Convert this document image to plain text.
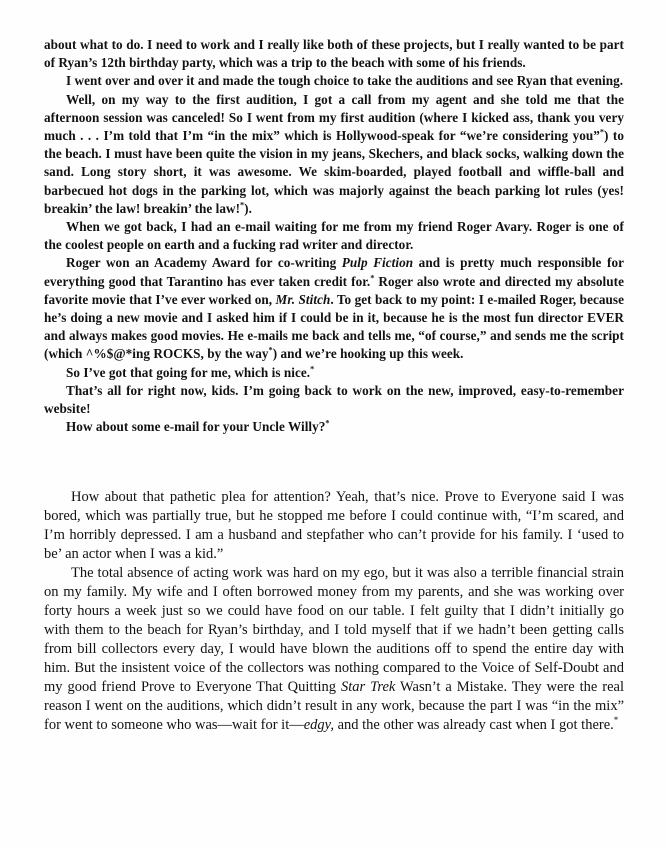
about what to do. I need to work and I really like both of these projects, but I really wanted to be part of Ryan’s 12th birthday party, which was a trip to the beach with some of his friends.

I went over and over it and made the tough choice to take the auditions and see Ryan that evening.

Well, on my way to the first audition, I got a call from my agent and she told me that the afternoon session was canceled! So I went from my first audition (where I kicked ass, thank you very much . . . I’m told that I’m “in the mix” which is Hollywood-speak for “we’re considering you”*) to the beach. I must have been quite the vision in my jeans, Skechers, and black socks, walking down the sand. Long story short, it was awesome. We skim-boarded, played football and wiffle-ball and barbecued hot dogs in the parking lot, which was majorly against the beach parking lot rules (yes! breakin’ the law! breakin’ the law!*).

When we got back, I had an e-mail waiting for me from my friend Roger Avary. Roger is one of the coolest people on earth and a fucking rad writer and director.

Roger won an Academy Award for co-writing Pulp Fiction and is pretty much responsible for everything good that Tarantino has ever taken credit for.* Roger also wrote and directed my absolute favorite movie that I’ve ever worked on, Mr. Stitch. To get back to my point: I e-mailed Roger, because he’s doing a new movie and I asked him if I could be in it, because he is the most fun director EVER and always makes good movies. He e-mails me back and tells me, “of course,” and sends me the script (which ^%$@*ing ROCKS, by the way*) and we’re hooking up this week.

So I’ve got that going for me, which is nice.*

That’s all for right now, kids. I’m going back to work on the new, improved, easy-to-remember website!

How about some e-mail for your Uncle Willy?*

How about that pathetic plea for attention? Yeah, that’s nice. Prove to Everyone said I was bored, which was partially true, but he stopped me before I could continue with, “I’m scared, and I’m horribly depressed. I am a husband and stepfather who can’t provide for his family. I ‘used to be’ an actor when I was a kid.”

The total absence of acting work was hard on my ego, but it was also a terrible financial strain on my family. My wife and I often borrowed money from my parents, and she was working over forty hours a week just so we could have food on our table. I felt guilty that I didn’t initially go with them to the beach for Ryan’s birthday, and I told myself that if we hadn’t been getting calls from bill collectors every day, I would have blown the auditions off to spend the entire day with him. But the insistent voice of the collectors was nothing compared to the Voice of Self-Doubt and my good friend Prove to Everyone That Quitting Star Trek Wasn’t a Mistake. They were the real reason I went on the auditions, which didn’t result in any work, because the part I was “in the mix” for went to someone who was—wait for it—edgy, and the other was already cast when I got there.*
